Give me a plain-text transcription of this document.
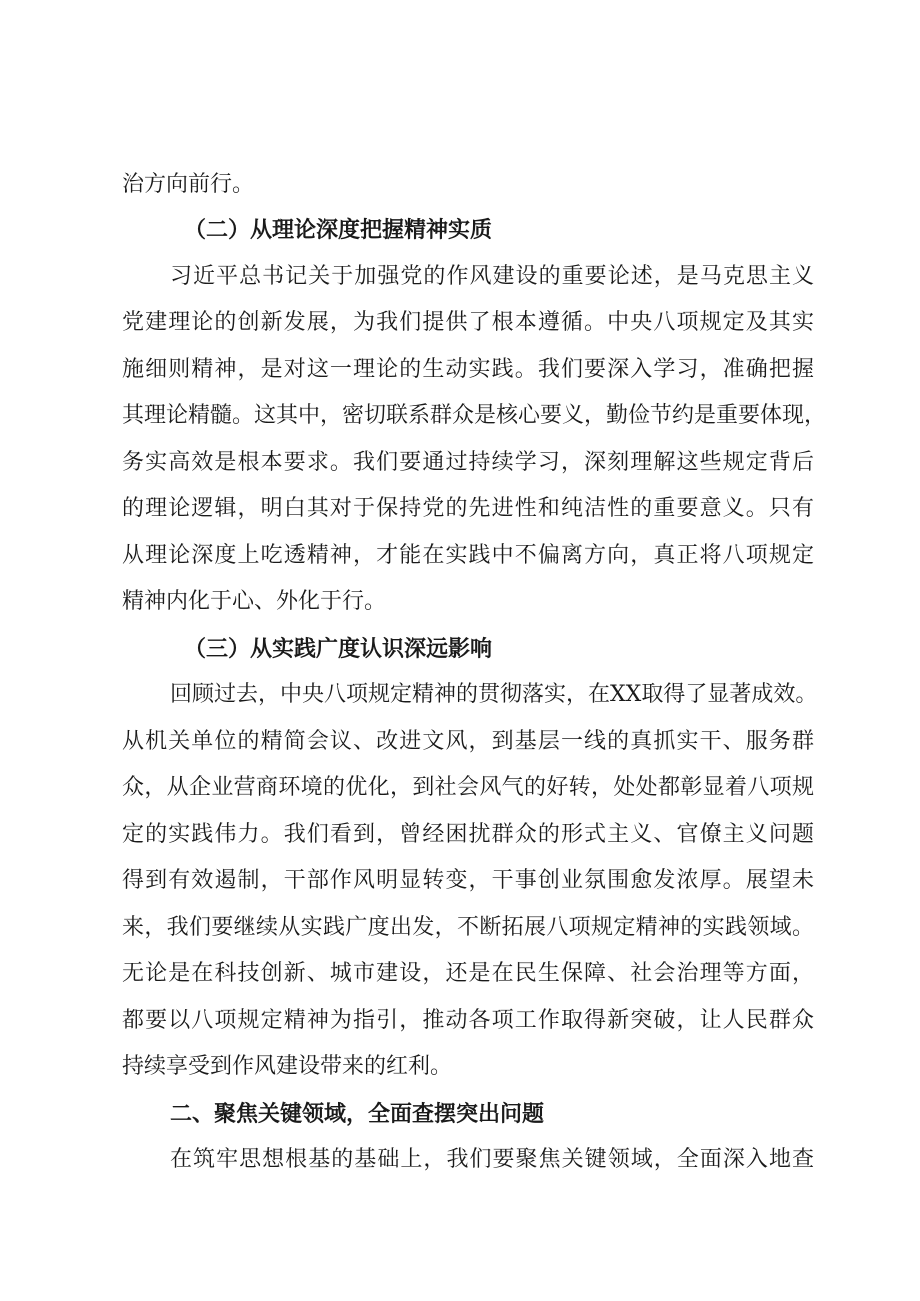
治方向前行。
（二）从理论深度把握精神实质
习近平总书记关于加强党的作风建设的重要论述，是马克思主义
党建理论的创新发展，为我们提供了根本遵循。中央八项规定及其实
施细则精神，是对这一理论的生动实践。我们要深入学习，准确把握
其理论精髓。这其中，密切联系群众是核心要义，勤俭节约是重要体现，
务实高效是根本要求。我们要通过持续学习，深刻理解这些规定背后
的理论逻辑，明白其对于保持党的先进性和纯洁性的重要意义。只有
从理论深度上吃透精神，才能在实践中不偏离方向，真正将八项规定
精神内化于心、外化于行。
（三）从实践广度认识深远影响
回顾过去，中央八项规定精神的贯彻落实，在XX取得了显著成效。
从机关单位的精简会议、改进文风，到基层一线的真抓实干、服务群
众，从企业营商环境的优化，到社会风气的好转，处处都彰显着八项规
定的实践伟力。我们看到，曾经困扰群众的形式主义、官僚主义问题
得到有效遏制，干部作风明显转变，干事创业氛围愈发浓厚。展望未
来，我们要继续从实践广度出发，不断拓展八项规定精神的实践领域。
无论是在科技创新、城市建设，还是在民生保障、社会治理等方面，
都要以八项规定精神为指引，推动各项工作取得新突破，让人民群众
持续享受到作风建设带来的红利。
二、聚焦关键领域，全面查摆突出问题
在筑牢思想根基的基础上，我们要聚焦关键领域，全面深入地查
